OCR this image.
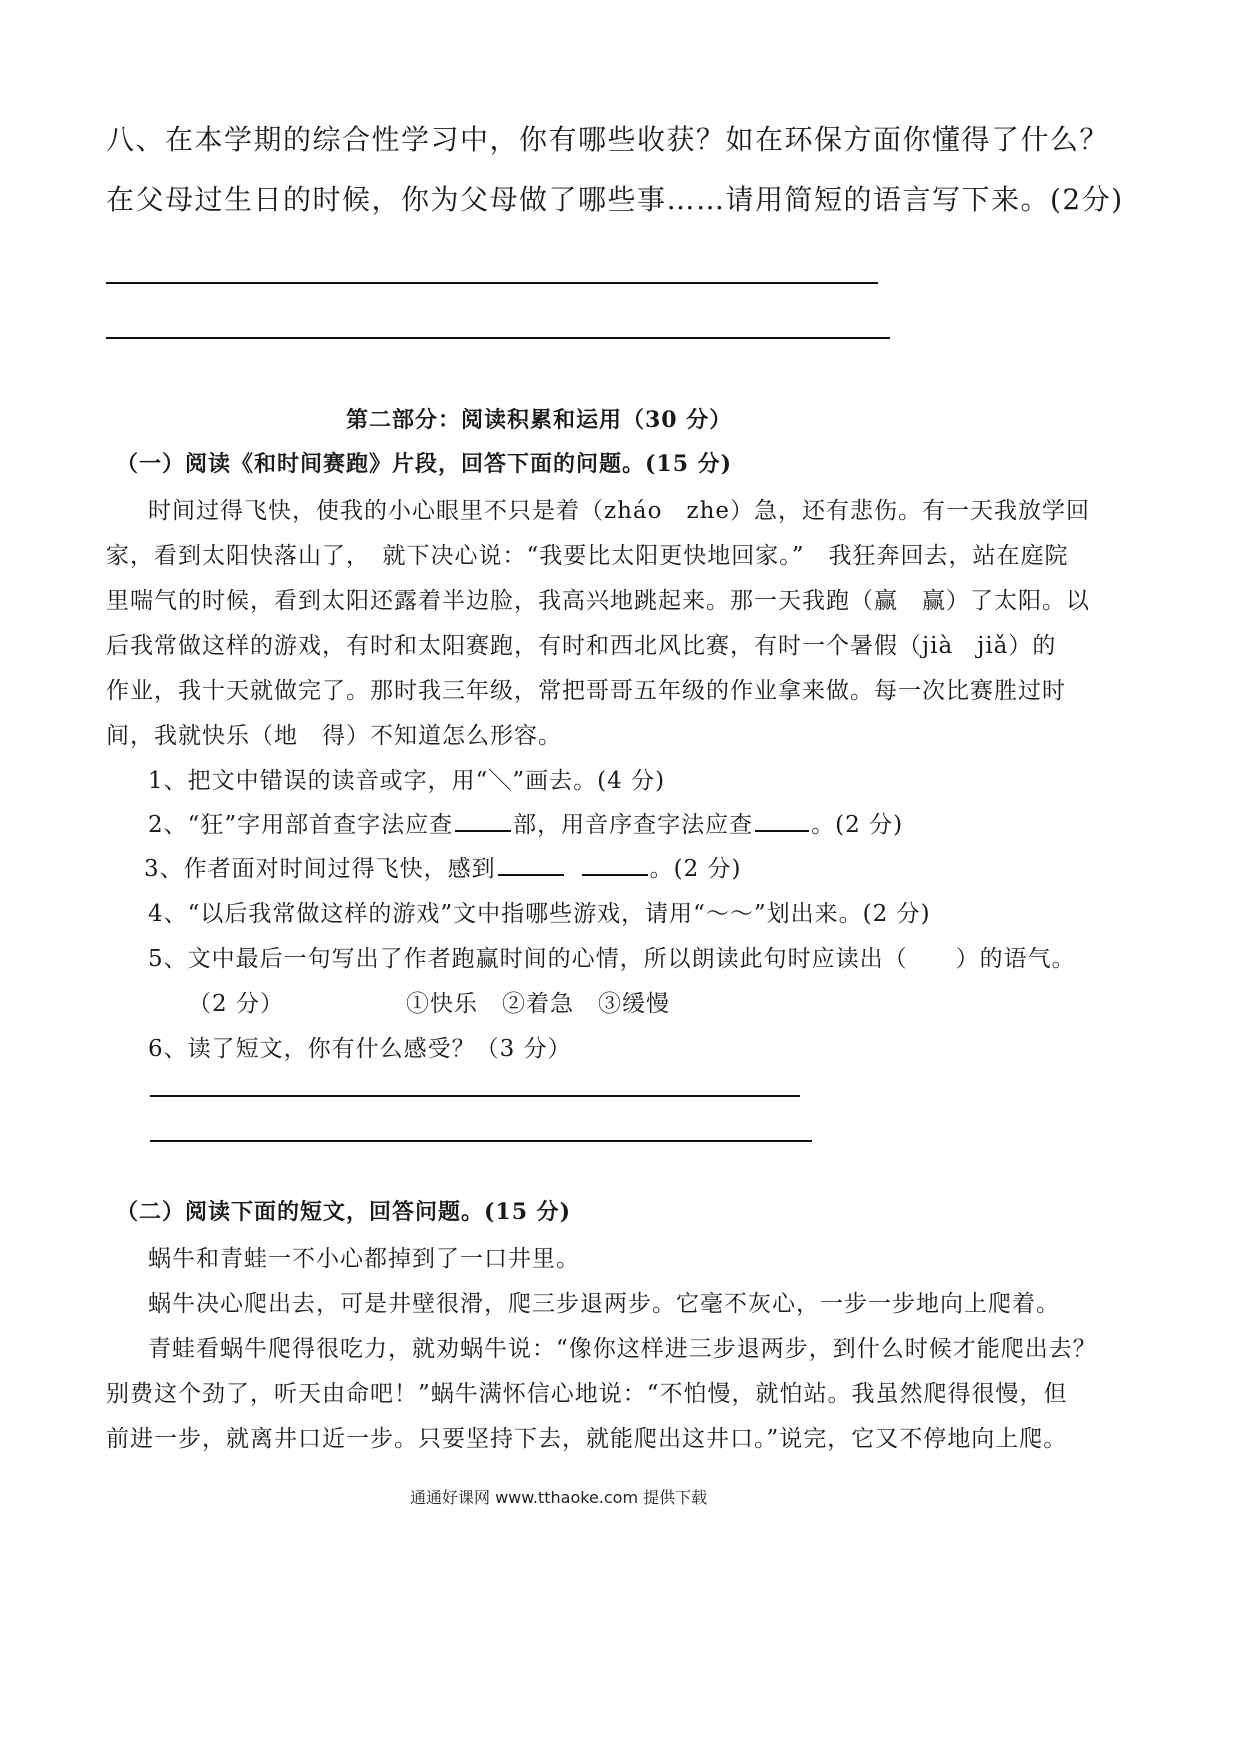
八、在本学期的综合性学习中，你有哪些收获？如在环保方面你懂得了什么？
在父母过生日的时候，你为父母做了哪些事……请用简短的语言写下来。(2分)
第二部分：阅读积累和运用（30 分）
（一）阅读《和时间赛跑》片段，回答下面的问题。(15 分)
时间过得飞快，使我的小心眼里不只是着（zháo　zhe）急，还有悲伤。有一天我放学回
家，看到太阳快落山了，　就下决心说：“我要比太阳更快地回家。”　我狂奔回去，站在庭院
里喘气的时候，看到太阳还露着半边脸，我高兴地跳起来。那一天我跑（赢　赢）了太阳。以
后我常做这样的游戏，有时和太阳赛跑，有时和西北风比赛，有时一个暑假（jià　jiǎ）的
作业，我十天就做完了。那时我三年级，常把哥哥五年级的作业拿来做。每一次比赛胜过时
间，我就快乐（地　得）不知道怎么形容。
1、把文中错误的读音或字，用“＼”画去。(4 分)
2、“狂”字用部首查字法应查	部，用音序查字法应查	。(2 分)
3、作者面对时间过得飞快，感到	。(2 分)
4、“以后我常做这样的游戏”文中指哪些游戏，请用“～～”划出来。(2 分)
5、文中最后一句写出了作者跑赢时间的心情，所以朗读此句时应读出（　　）的语气。
（2 分）	①快乐　②着急　③缓慢
6、读了短文，你有什么感受？（3 分）
（二）阅读下面的短文，回答问题。(15 分)
蜗牛和青蛙一不小心都掉到了一口井里。
蜗牛决心爬出去，可是井壁很滑，爬三步退两步。它毫不灰心，一步一步地向上爬着。
青蛙看蜗牛爬得很吃力，就劝蜗牛说：“像你这样进三步退两步，到什么时候才能爬出去？
别费这个劲了，听天由命吧！”蜗牛满怀信心地说：“不怕慢，就怕站。我虽然爬得很慢，但
前进一步，就离井口近一步。只要坚持下去，就能爬出这井口。”说完，它又不停地向上爬。
通通好课网 www.tthaoke.com 提供下载
